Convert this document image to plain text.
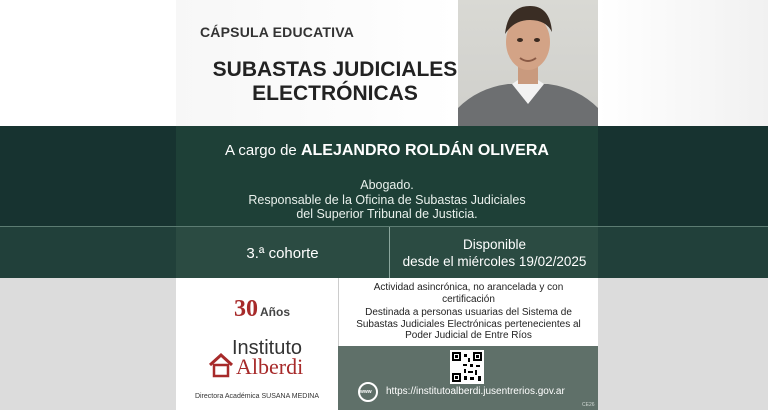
CÁPSULA EDUCATIVA
SUBASTAS JUDICIALES
ELECTRÓNICAS
A cargo de ALEJANDRO ROLDÁN OLIVERA
Abogado.
Responsable de la Oficina de Subastas Judiciales
del Superior Tribunal de Justicia.
3.ª cohorte	Disponible
desde el miércoles 19/02/2025
30 Años
Instituto
Alberdi
Directora Académica SUSANA MEDINA

Actividad asincrónica, no arancelada y con
certificación

Destinada a personas usuarias del Sistema de
Subastas Judiciales Electrónicas pertenecientes al
Poder Judicial de Entre Ríos

www https://institutoalberdi.jusentrerios.gov.ar
CE26
